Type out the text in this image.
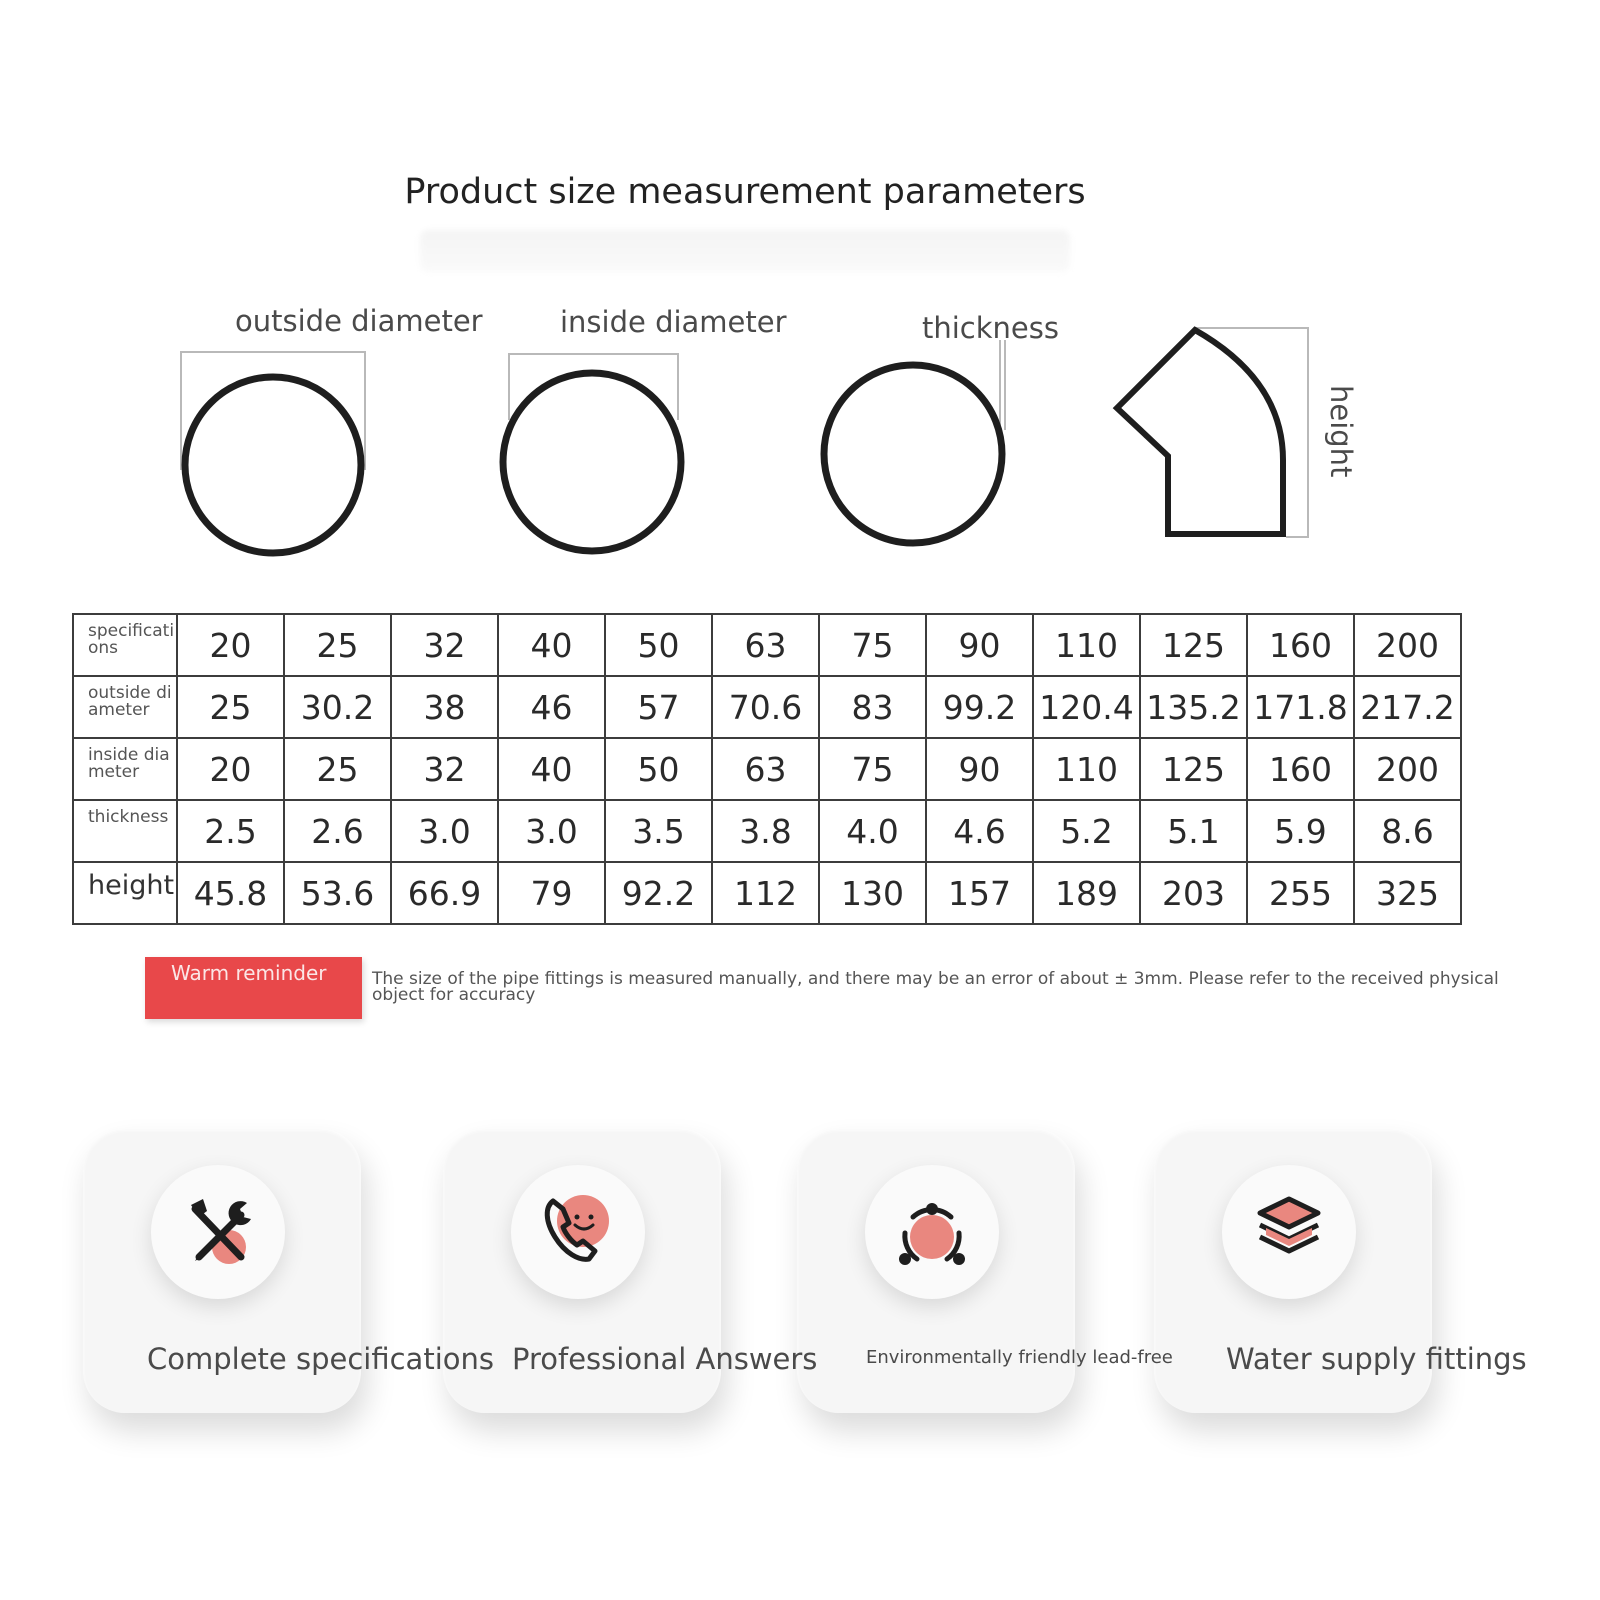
Product size measurement parameters
outside diameter	inside diameter	thickness
height
specifications	20	25	32	40	50	63	75	90	110	125	160	200
outside diameter	25	30.2	38	46	57	70.6	83	99.2	120.4	135.2	171.8	217.2
inside diameter	20	25	32	40	50	63	75	90	110	125	160	200
thickness	2.5	2.6	3.0	3.0	3.5	3.8	4.0	4.6	5.2	5.1	5.9	8.6
height	45.8	53.6	66.9	79	92.2	112	130	157	189	203	255	325
Warm reminder	The size of the pipe fittings is measured manually, and there may be an error of about ± 3mm. Please refer to the received physical object for accuracy
Complete specifications Professional Answers	Environmentally friendly lead-free Water supply fittings
